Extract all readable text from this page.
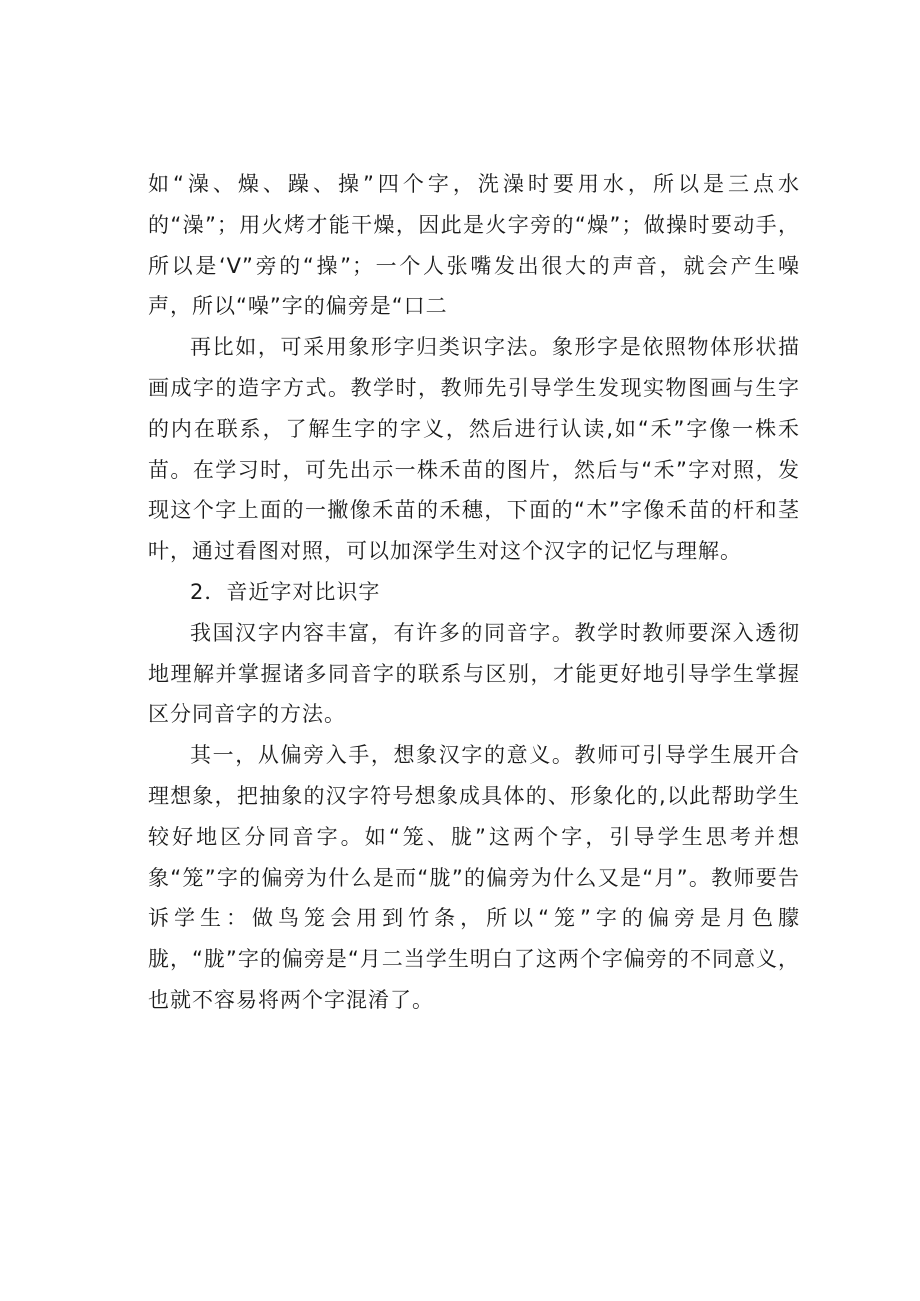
如“澡、燥、躁、操”四个字，洗澡时要用水，所以是三点水的“澡”；用火烤才能干燥，因此是火字旁的“燥”；做操时要动手，所以是‘V”旁的“操”；一个人张嘴发出很大的声音，就会产生噪声，所以“噪”字的偏旁是“口二

再比如，可采用象形字归类识字法。象形字是依照物体形状描画成字的造字方式。教学时，教师先引导学生发现实物图画与生字的内在联系，了解生字的字义，然后进行认读,如“禾”字像一株禾苗。在学习时，可先出示一株禾苗的图片，然后与“禾”字对照，发现这个字上面的一撇像禾苗的禾穗，下面的“木”字像禾苗的杆和茎叶，通过看图对照，可以加深学生对这个汉字的记忆与理解。

2．音近字对比识字

我国汉字内容丰富，有许多的同音字。教学时教师要深入透彻地理解并掌握诸多同音字的联系与区别，才能更好地引导学生掌握区分同音字的方法。

其一，从偏旁入手，想象汉字的意义。教师可引导学生展开合理想象，把抽象的汉字符号想象成具体的、形象化的,以此帮助学生较好地区分同音字。如“笼、胧”这两个字，引导学生思考并想象“笼”字的偏旁为什么是而“胧”的偏旁为什么又是“月”。教师要告诉学生：做鸟笼会用到竹条，所以“笼”字的偏旁是月色朦胧，“胧”字的偏旁是“月二当学生明白了这两个字偏旁的不同意义，也就不容易将两个字混淆了。
